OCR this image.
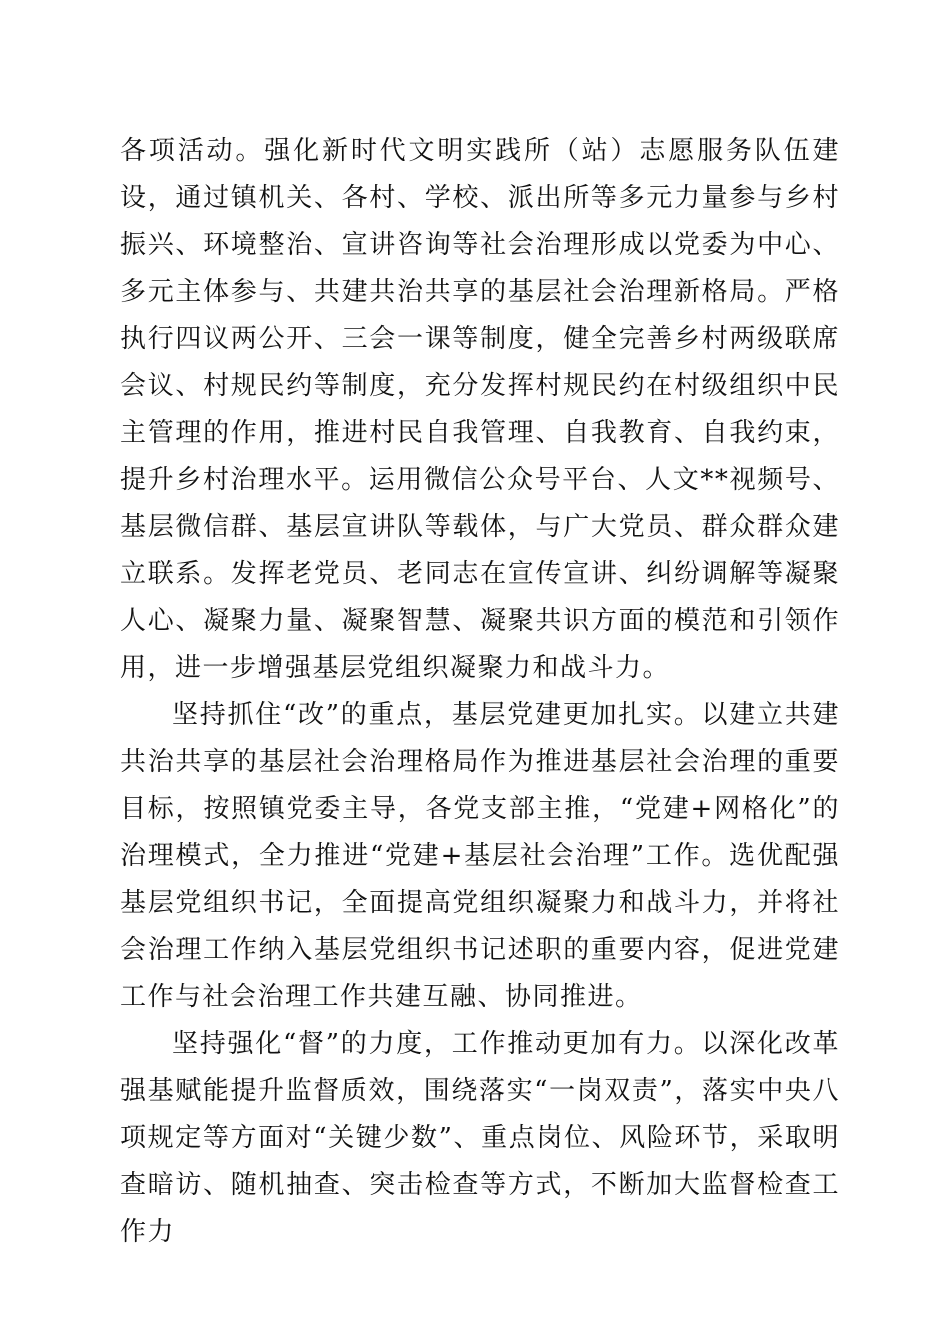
各项活动。强化新时代文明实践所（站）志愿服务队伍建设，通过镇机关、各村、学校、派出所等多元力量参与乡村振兴、环境整治、宣讲咨询等社会治理形成以党委为中心、多元主体参与、共建共治共享的基层社会治理新格局。严格执行四议两公开、三会一课等制度，健全完善乡村两级联席会议、村规民约等制度，充分发挥村规民约在村级组织中民主管理的作用，推进村民自我管理、自我教育、自我约束，提升乡村治理水平。运用微信公众号平台、人文**视频号、基层微信群、基层宣讲队等载体，与广大党员、群众群众建立联系。发挥老党员、老同志在宣传宣讲、纠纷调解等凝聚人心、凝聚力量、凝聚智慧、凝聚共识方面的模范和引领作用，进一步增强基层党组织凝聚力和战斗力。

坚持抓住“改”的重点，基层党建更加扎实。以建立共建共治共享的基层社会治理格局作为推进基层社会治理的重要目标，按照镇党委主导，各党支部主推，“党建+网格化”的治理模式，全力推进“党建+基层社会治理”工作。选优配强基层党组织书记，全面提高党组织凝聚力和战斗力，并将社会治理工作纳入基层党组织书记述职的重要内容，促进党建工作与社会治理工作共建互融、协同推进。

坚持强化“督”的力度，工作推动更加有力。以深化改革强基赋能提升监督质效，围绕落实“一岗双责”，落实中央八项规定等方面对“关键少数”、重点岗位、风险环节，采取明查暗访、随机抽查、突击检查等方式，不断加大监督检查工作力
